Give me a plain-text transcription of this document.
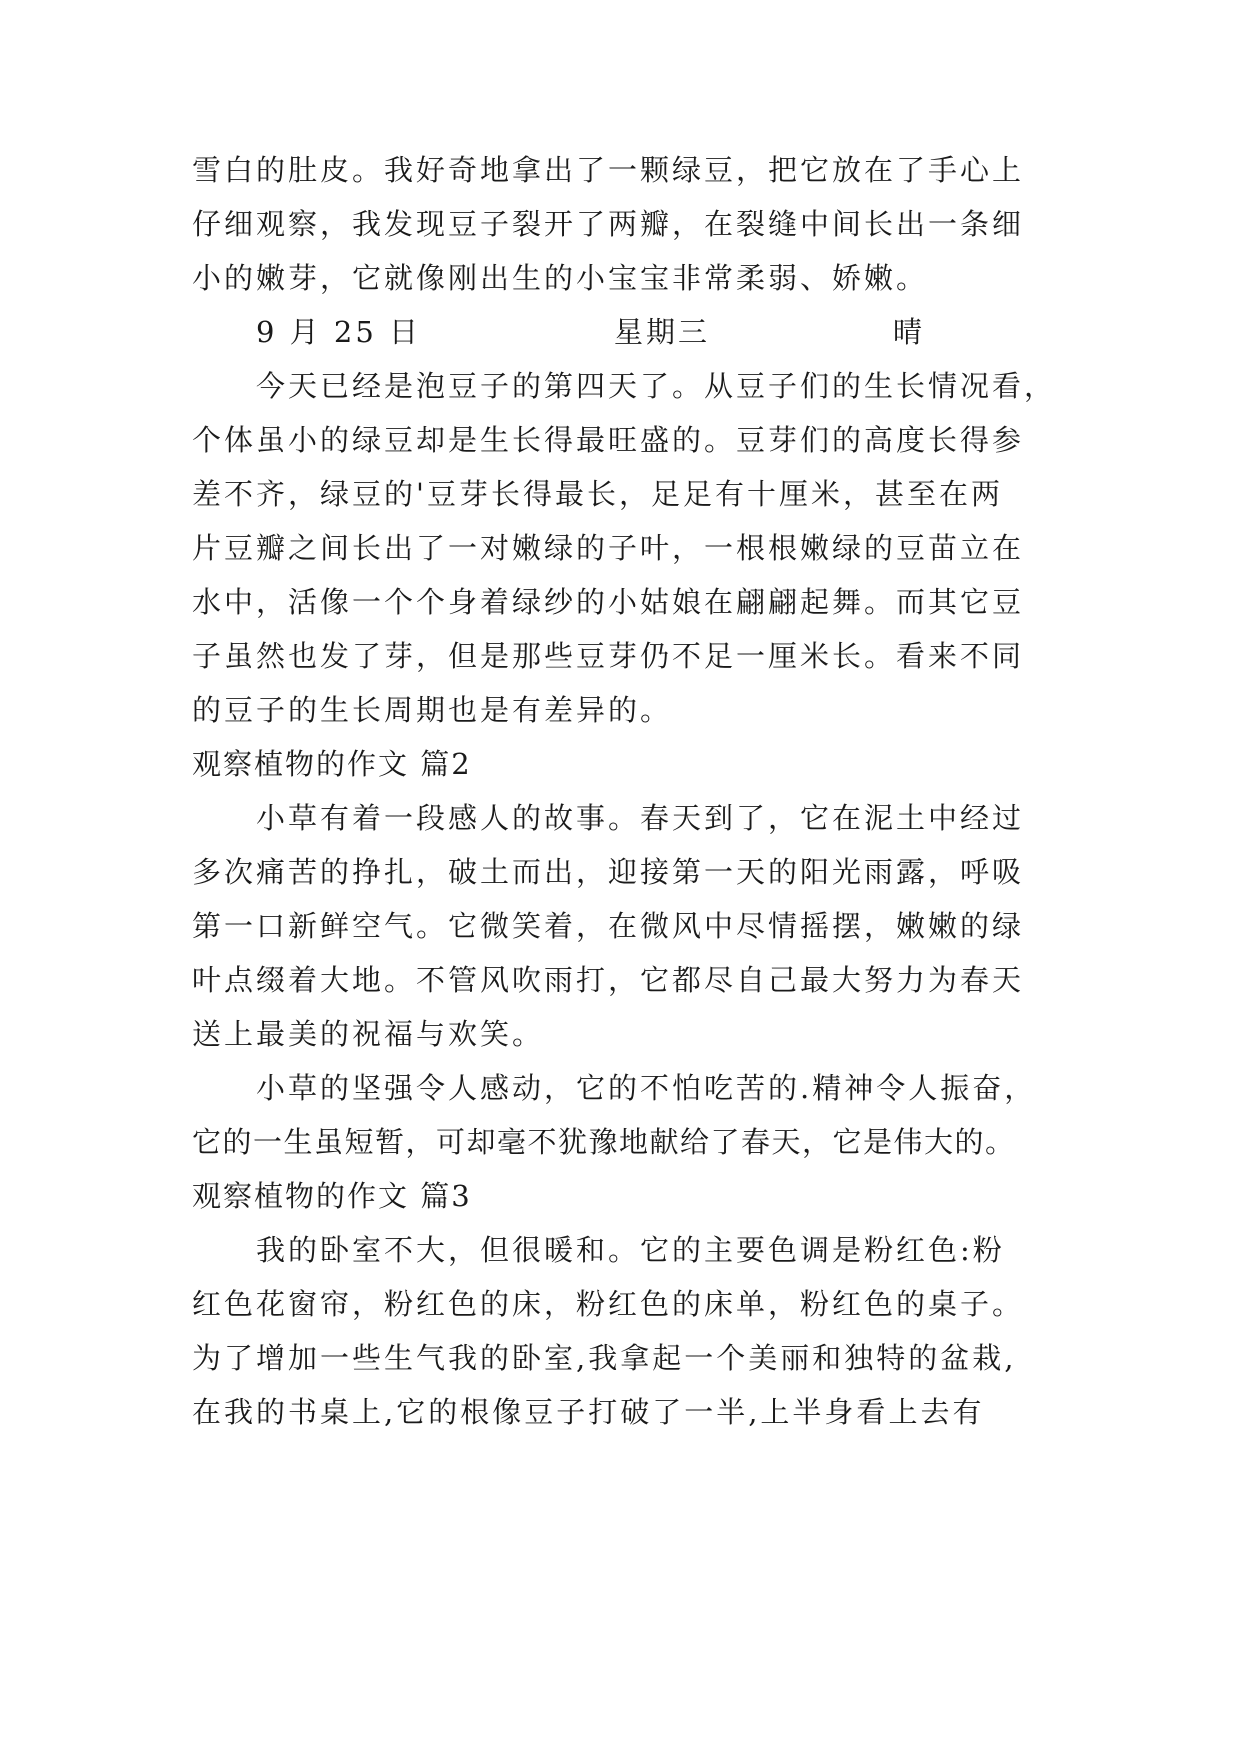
雪白的肚皮。我好奇地拿出了一颗绿豆，把它放在了手心上
仔细观察，我发现豆子裂开了两瓣，在裂缝中间长出一条细
小的嫩芽，它就像刚出生的小宝宝非常柔弱、娇嫩。
9 月 25 日	星期三	晴
今天已经是泡豆子的第四天了。从豆子们的生长情况看，
个体虽小的绿豆却是生长得最旺盛的。豆芽们的高度长得参
差不齐，绿豆的'豆芽长得最长，足足有十厘米，甚至在两
片豆瓣之间长出了一对嫩绿的子叶，一根根嫩绿的豆苗立在
水中，活像一个个身着绿纱的小姑娘在翩翩起舞。而其它豆
子虽然也发了芽，但是那些豆芽仍不足一厘米长。看来不同
的豆子的生长周期也是有差异的。
观察植物的作文 篇2
小草有着一段感人的故事。春天到了，它在泥土中经过
多次痛苦的挣扎，破土而出，迎接第一天的阳光雨露，呼吸
第一口新鲜空气。它微笑着，在微风中尽情摇摆，嫩嫩的绿
叶点缀着大地。不管风吹雨打，它都尽自己最大努力为春天
送上最美的祝福与欢笑。
小草的坚强令人感动，它的不怕吃苦的.精神令人振奋，
它的一生虽短暂，可却毫不犹豫地献给了春天，它是伟大的。
观察植物的作文 篇3
我的卧室不大，但很暖和。它的主要色调是粉红色:粉
红色花窗帘，粉红色的床，粉红色的床单，粉红色的桌子。
为了增加一些生气我的卧室,我拿起一个美丽和独特的盆栽,
在我的书桌上,它的根像豆子打破了一半,上半身看上去有
